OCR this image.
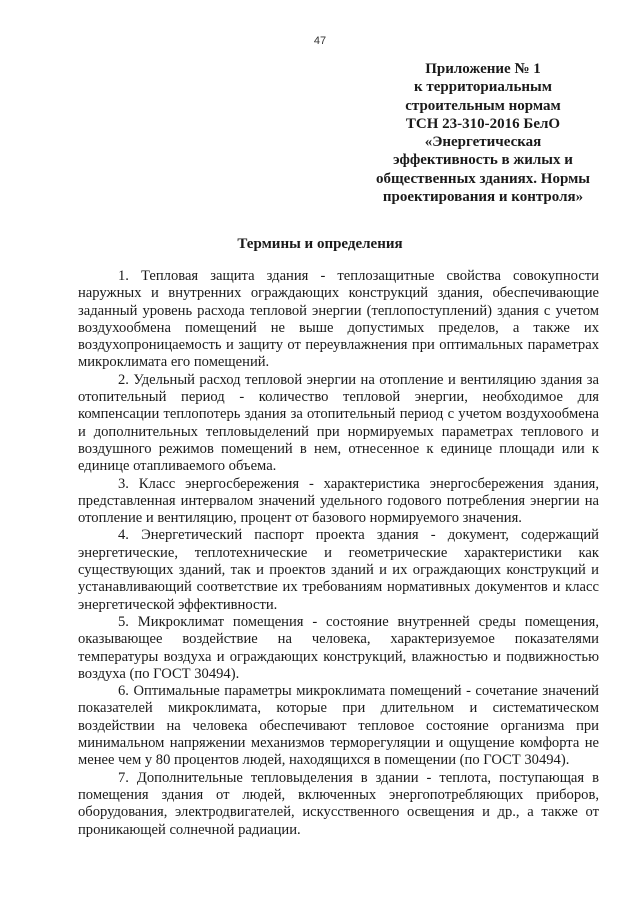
47
Приложение № 1
к территориальным
строительным нормам
ТСН 23-310-2016 БелО
«Энергетическая
эффективность в жилых и
общественных зданиях. Нормы
проектирования и контроля»
Термины и определения

1. Тепловая защита здания - теплозащитные свойства совокупности наружных и внутренних ограждающих конструкций здания, обеспечивающие заданный уровень расхода тепловой энергии (теплопоступлений) здания с учетом воздухообмена помещений не выше допустимых пределов, а также их воздухопроницаемость и защиту от переувлажнения при оптимальных параметрах микроклимата его помещений.

2. Удельный расход тепловой энергии на отопление и вентиляцию здания за отопительный период - количество тепловой энергии, необходимое для компенсации теплопотерь здания за отопительный период с учетом воздухообмена и дополнительных тепловыделений при нормируемых параметрах теплового и воздушного режимов помещений в нем, отнесенное к единице площади или к единице отапливаемого объема.

3. Класс энергосбережения - характеристика энергосбережения здания, представленная интервалом значений удельного годового потребления энергии на отопление и вентиляцию, процент от базового нормируемого значения.

4. Энергетический паспорт проекта здания - документ, содержащий энергетические, теплотехнические и геометрические характеристики как существующих зданий, так и проектов зданий и их ограждающих конструкций и устанавливающий соответствие их требованиям нормативных документов и класс энергетической эффективности.

5. Микроклимат помещения - состояние внутренней среды помещения, оказывающее воздействие на человека, характеризуемое показателями температуры воздуха и ограждающих конструкций, влажностью и подвижностью воздуха (по ГОСТ 30494).

6. Оптимальные параметры микроклимата помещений - сочетание значений показателей микроклимата, которые при длительном и систематическом воздействии на человека обеспечивают тепловое состояние организма при минимальном напряжении механизмов терморегуляции и ощущение комфорта не менее чем у 80 процентов людей, находящихся в помещении (по ГОСТ 30494).

7. Дополнительные тепловыделения в здании - теплота, поступающая в помещения здания от людей, включенных энергопотребляющих приборов, оборудования, электродвигателей, искусственного освещения и др., а также от проникающей солнечной радиации.
